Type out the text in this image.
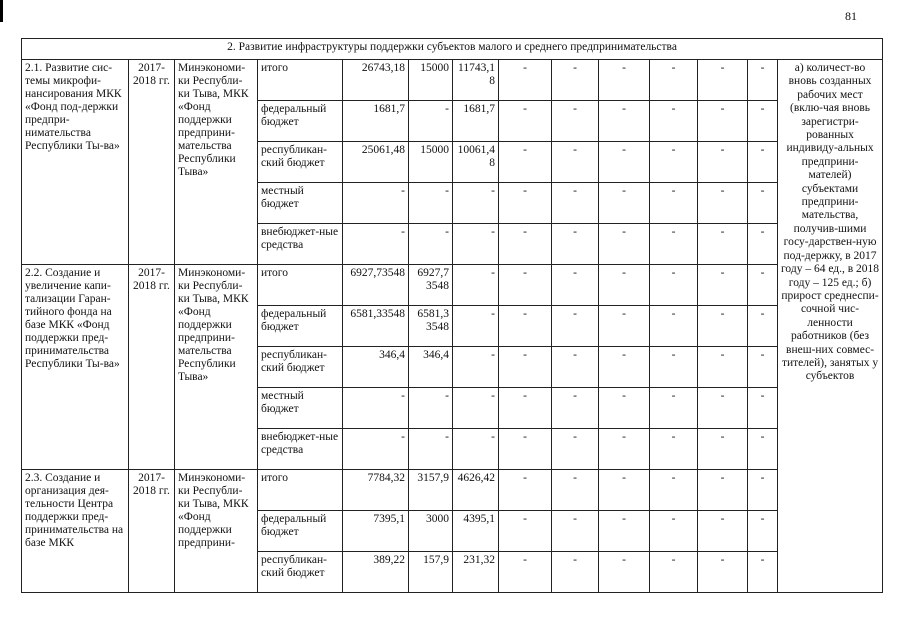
81
2. Развитие инфраструктуры поддержки субъектов малого и среднего предпринимательства													
2.1. Развитие сис-темы микрофи-нансирования МКК «Фонд под-держки предпри-нимательства Республики Ты-ва»	2017-2018 гг.	Минэкономи-ки Республи-ки Тыва, МКК «Фонд поддержки предприни-мательства Республики Тыва»	итого	26743,18	15000	11743,18	-	-	-	-	-	-	а) количест-во вновь созданных рабочих мест (вклю-чая вновь зарегистри-рованных индивиду-альных предприни-мателей) субъектами предприни-мательства, получив-шими госу-дарствен-ную под-держку, в 2017 году – 64 ед., в 2018 году – 125 ед.; б) прирост среднеспи-сочной чис-ленности работников (без внеш-них совмес-тителей), занятых у субъектов
			федеральный бюджет	1681,7	-	1681,7	-	-	-	-	-	-	
			республикан-ский бюджет	25061,48	15000	10061,48	-	-	-	-	-	-	
			местный бюджет	-	-	-	-	-	-	-	-	-	
			внебюджет-ные средства	-	-	-	-	-	-	-	-	-	
2.2. Создание и увеличение капи-тализации Гаран-тийного фонда на базе МКК «Фонд поддержки пред-принимательства Республики Ты-ва»	2017-2018 гг.	Минэкономи-ки Республи-ки Тыва, МКК «Фонд поддержки предприни-мательства Республики Тыва»	итого	6927,73548	6927,73548	-	-	-	-	-	-	-	
			федеральный бюджет	6581,33548	6581,33548	-	-	-	-	-	-	-	
			республикан-ский бюджет	346,4	346,4	-	-	-	-	-	-	-	
			местный бюджет	-	-	-	-	-	-	-	-	-	
			внебюджет-ные средства	-	-	-	-	-	-	-	-	-	
2.3. Создание и организация дея-тельности Центра поддержки пред-принимательства на базе МКК	2017-2018 гг.	Минэкономи-ки Республи-ки Тыва, МКК «Фонд поддержки предприни-	итого	7784,32	3157,9	4626,42	-	-	-	-	-	-	
			федеральный бюджет	7395,1	3000	4395,1	-	-	-	-	-	-	
			республикан-ский бюджет	389,22	157,9	231,32	-	-	-	-	-	-	
